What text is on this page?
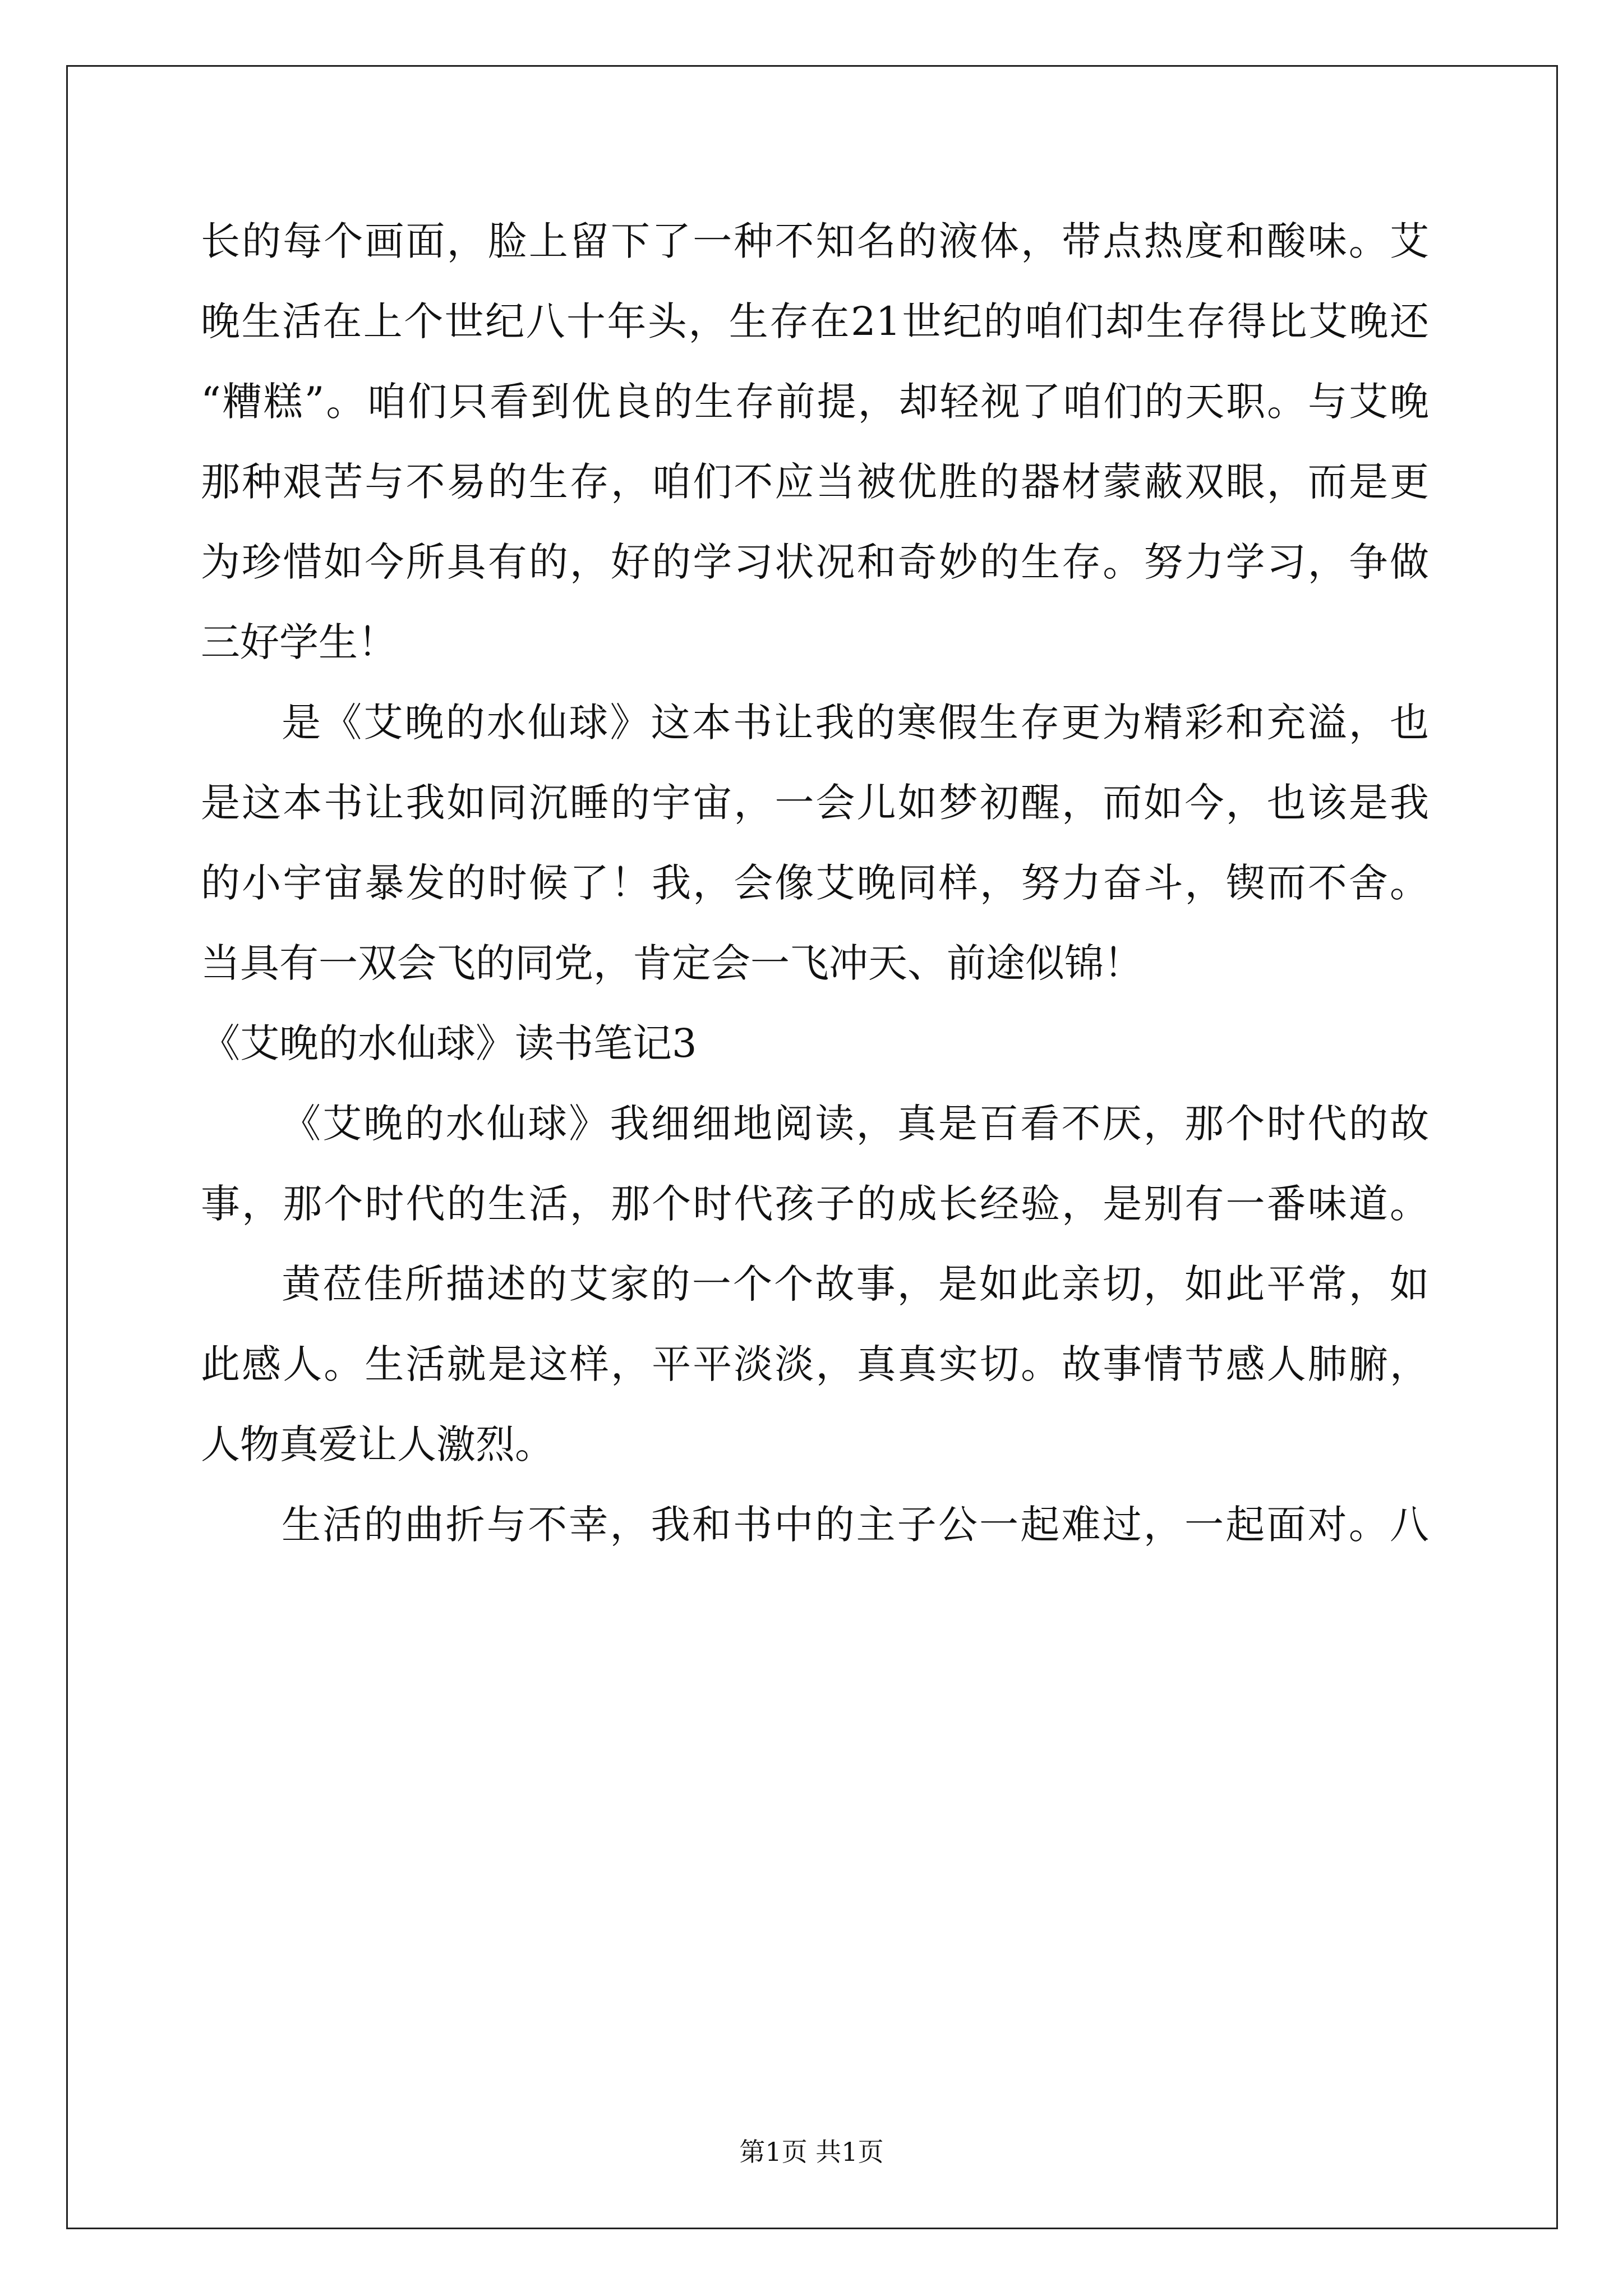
长的每个画面，脸上留下了一种不知名的液体，带点热度和酸味。艾
晚生活在上个世纪八十年头，生存在21世纪的咱们却生存得比艾晚还
“糟糕”。咱们只看到优良的生存前提，却轻视了咱们的天职。与艾晚
那种艰苦与不易的生存，咱们不应当被优胜的器材蒙蔽双眼，而是更
为珍惜如今所具有的，好的学习状况和奇妙的生存。努力学习，争做
三好学生！
是《艾晚的水仙球》这本书让我的寒假生存更为精彩和充溢，也
是这本书让我如同沉睡的宇宙，一会儿如梦初醒，而如今，也该是我
的小宇宙暴发的时候了！我，会像艾晚同样，努力奋斗，锲而不舍。
当具有一双会飞的同党，肯定会一飞冲天、前途似锦！
《艾晚的水仙球》读书笔记3
《艾晚的水仙球》我细细地阅读，真是百看不厌，那个时代的故
事，那个时代的生活，那个时代孩子的成长经验，是别有一番味道。
黄莅佳所描述的艾家的一个个故事，是如此亲切，如此平常，如
此感人。生活就是这样，平平淡淡，真真实切。故事情节感人肺腑，
人物真爱让人激烈。
生活的曲折与不幸，我和书中的主子公一起难过，一起面对。八
第1页 共1页
